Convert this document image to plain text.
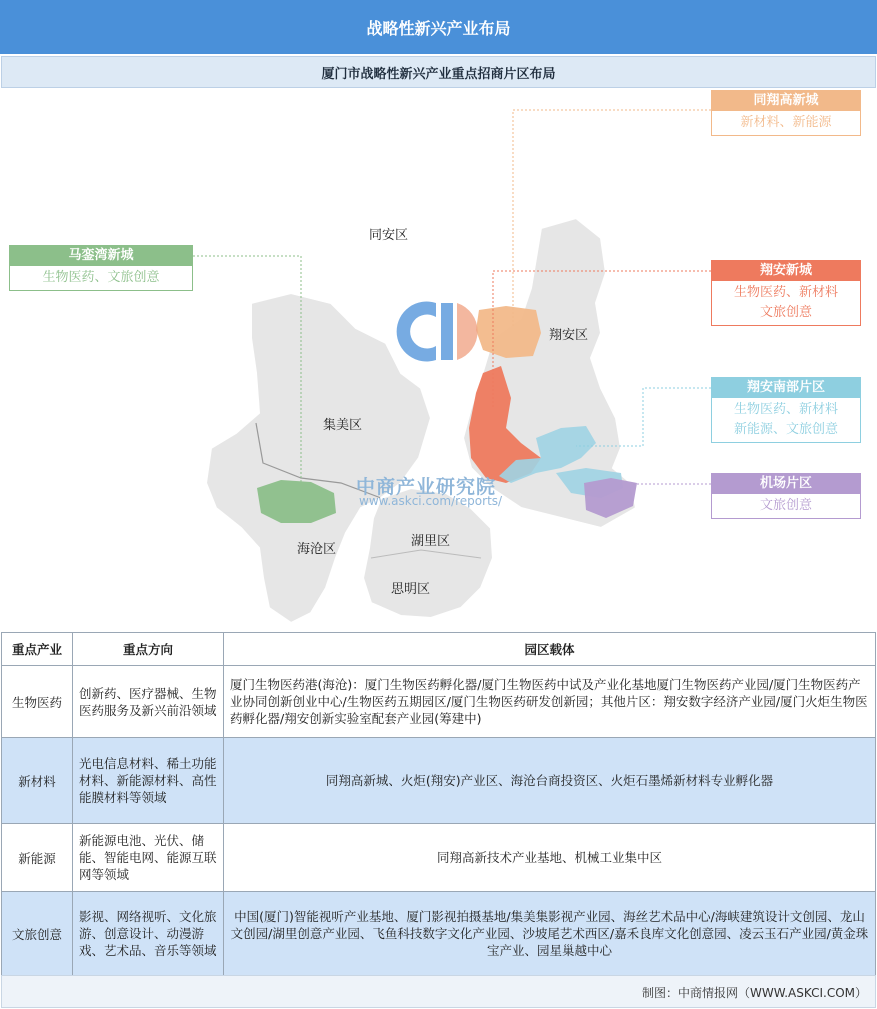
战略性新兴产业布局
厦门市战略性新兴产业重点招商片区布局
同安区
翔安区
集美区
海沧区
湖里区
思明区
中商产业研究院
www.askci.com/reports/
同翔高新城
新材料、新能源
马銮湾新城
生物医药、文旅创意	翔安新城
生物医药、新材料
文旅创意
翔安南部片区
生物医药、新材料
新能源、文旅创意
机场片区
文旅创意
重点产业	重点方向	园区载体
生物医药	创新药、医疗器械、生物医药服务及新兴前沿领域	厦门生物医药港(海沧)：厦门生物医药孵化器/厦门生物医药中试及产业化基地厦门生物医药产业园/厦门生物医药产业协同创新创业中心/生物医药五期园区/厦门生物医药研发创新园；其他片区：翔安数字经济产业园/厦门火炬生物医药孵化器/翔安创新实验室配套产业园(筹建中)
新材料	光电信息材料、稀土功能材料、新能源材料、高性能膜材料等领域	同翔高新城、火炬(翔安)产业区、海沧台商投资区、火炬石墨烯新材料专业孵化器
新能源	新能源电池、光伏、储能、智能电网、能源互联网等领域	同翔高新技术产业基地、机械工业集中区
文旅创意	影视、网络视听、文化旅游、创意设计、动漫游戏、艺术品、音乐等领域	中国(厦门)智能视听产业基地、厦门影视拍摄基地/集美集影视产业园、海丝艺术品中心/海峡建筑设计文创园、龙山文创园/湖里创意产业园、飞鱼科技数字文化产业园、沙坡尾艺术西区/嘉禾良库文化创意园、凌云玉石产业园/黄金珠宝产业、园星巢越中心
制图：中商情报网（WWW.ASKCI.COM）
